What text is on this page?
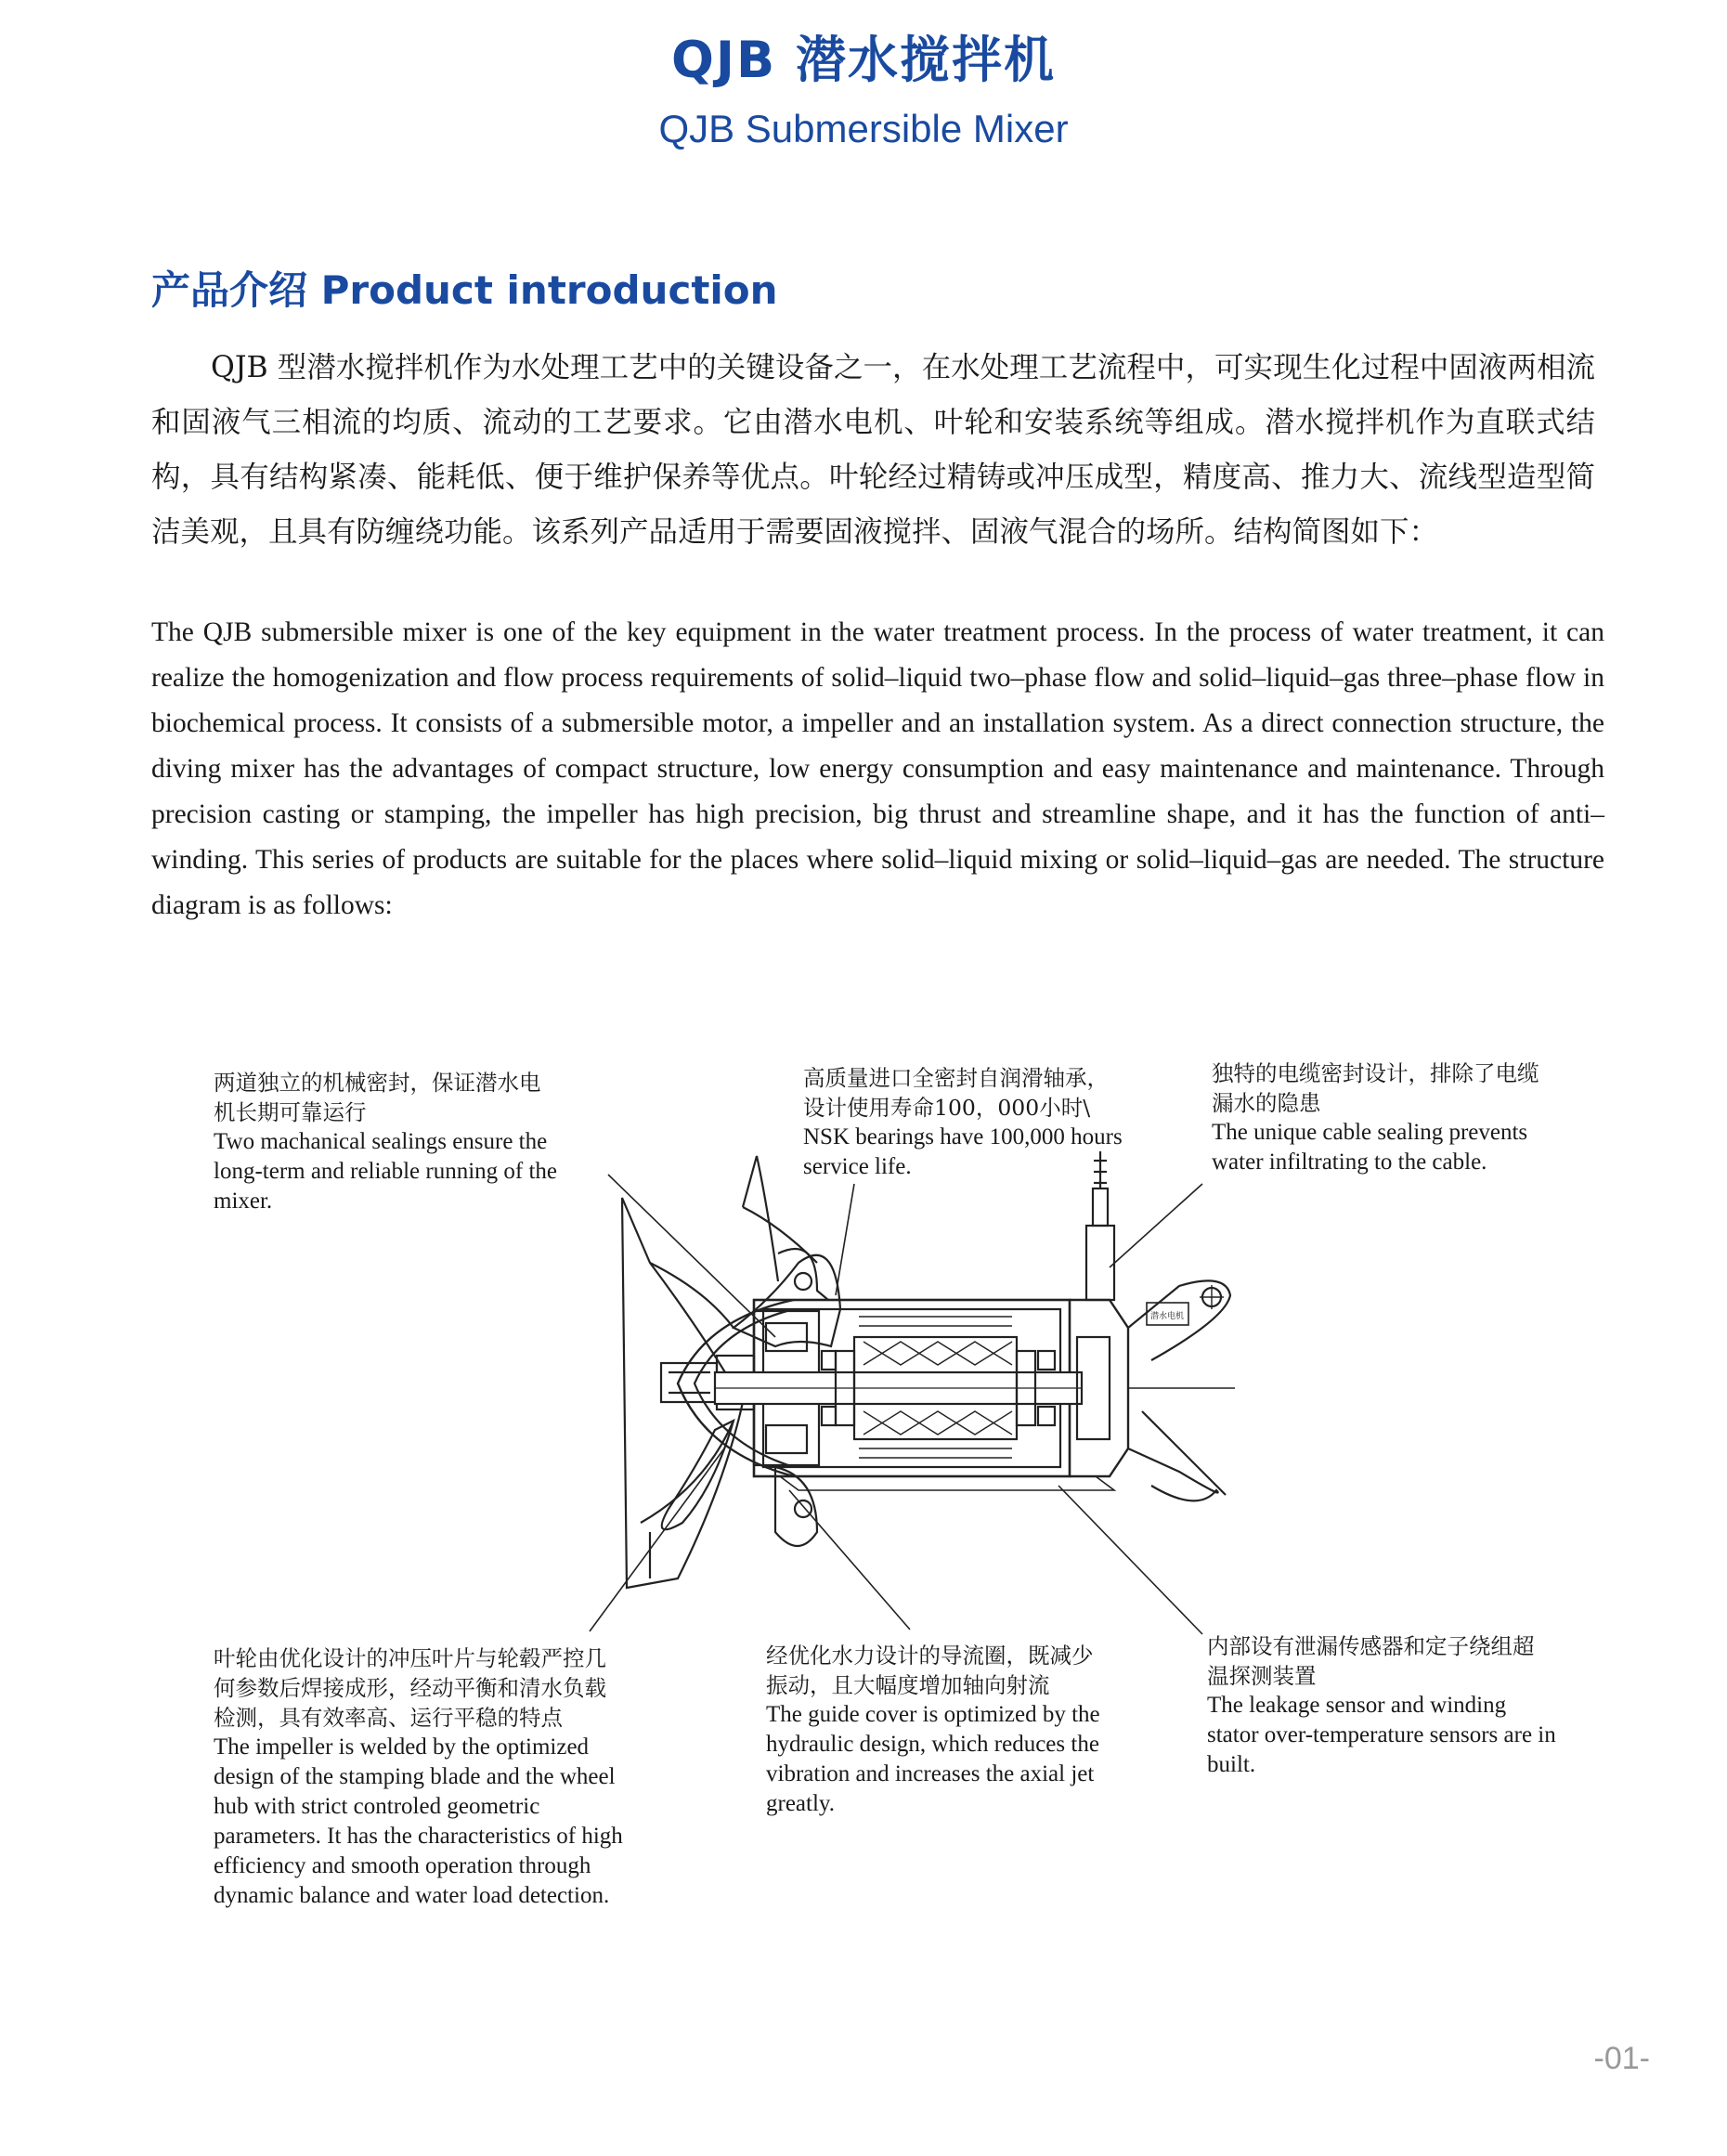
QJB 潜水搅拌机
QJB Submersible Mixer
产品介绍 Product introduction
QJB 型潜水搅拌机作为水处理工艺中的关键设备之一，在水处理工艺流程中，可实现生化过程中固液两相流和固液气三相流的均质、流动的工艺要求。它由潜水电机、叶轮和安装系统等组成。潜水搅拌机作为直联式结构，具有结构紧凑、能耗低、便于维护保养等优点。叶轮经过精铸或冲压成型，精度高、推力大、流线型造型简洁美观，且具有防缠绕功能。该系列产品适用于需要固液搅拌、固液气混合的场所。结构简图如下：
The QJB submersible mixer is one of the key equipment in the water treatment process. In the process of water treatment, it can realize the homogenization and flow process requirements of solid–liquid two–phase flow and solid–liquid–gas three–phase flow in biochemical process. It consists of a submersible motor, a impeller and an installation system. As a direct connection structure, the diving mixer has the advantages of compact structure, low energy consumption and easy maintenance and maintenance. Through precision casting or stamping, the impeller has high precision, big thrust and streamline shape, and it has the function of anti–winding. This series of products are suitable for the places where solid–liquid mixing or solid–liquid–gas are needed. The structure diagram is as follows:
潜水电机
两道独立的机械密封，保证潜水电
机长期可靠运行
Two machanical sealings ensure the
long-term and reliable running of the
mixer.
高质量进口全密封自润滑轴承，
设计使用寿命100，000小时\
NSK bearings have 100,000 hours
service life.
独特的电缆密封设计，排除了电缆
漏水的隐患
The unique cable sealing prevents
water infiltrating to the cable.
叶轮由优化设计的冲压叶片与轮毂严控几
何参数后焊接成形，经动平衡和清水负载
检测，具有效率高、运行平稳的特点
The impeller is welded by the optimized
design of the stamping blade and the wheel
hub with strict controled geometric
parameters. It has the characteristics of high
efficiency and smooth operation through
dynamic balance and water load detection.
经优化水力设计的导流圈，既减少
振动，且大幅度增加轴向射流
The guide cover is optimized by the
hydraulic design, which reduces the
vibration and increases the axial jet
greatly.
内部设有泄漏传感器和定子绕组超
温探测装置
The leakage sensor and winding
stator over-temperature sensors are in
built.
-01-
